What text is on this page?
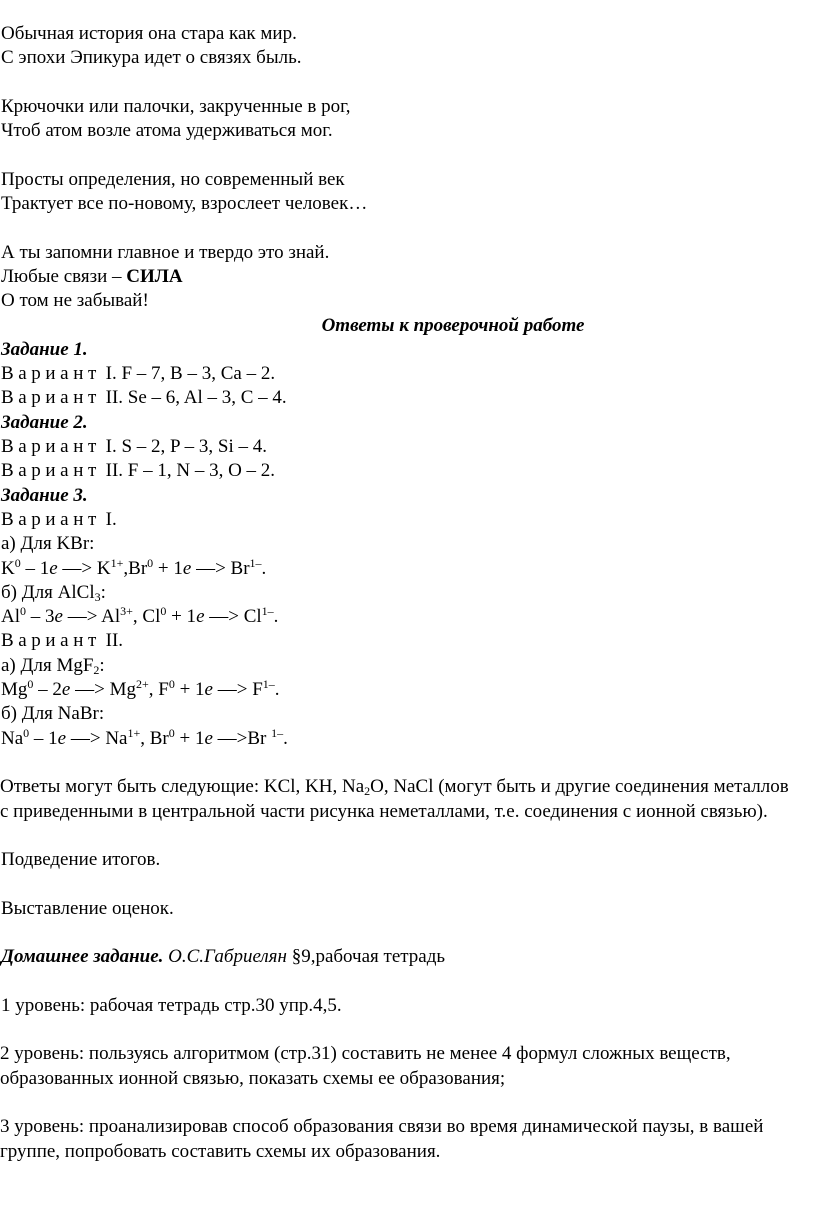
Обычная история она стара как мир.
С эпохи Эпикура идет о связях быль.
Крючочки или палочки, закрученные в рог,
Чтоб атом возле атома удерживаться мог.
Просты определения, но современный век
Трактует все по-новому, взрослеет человек…
А ты запомни главное и твердо это знай.
Любые связи – СИЛА
О том не забывай!
Ответы к проверочной работе
Задание 1.
Вариант I. F – 7, B – 3, Ca – 2.
Вариант II. Se – 6, Al – 3, C – 4.
Задание 2.
Вариант I. S – 2, P – 3, Si – 4.
Вариант II. F – 1, N – 3, O – 2.
Задание 3.
Вариант I.
а) Для KBr:
$K^0 - 1e$ —> $K^{1+},Br^0 + 1e$ —> $Br^{1-}$.
б) Для AlCl$_3$:
Al$^0$ – 3e —> $Al^{3+}$, $Cl^0 + 1e$ —> $Cl^{1-}$.
Вариант II.
а) Для MgF$_2$:
Mg$^0$ – 2e —> $Mg^{2+}$, $F^0 + 1e$ —> $F^{1-}$.
б) Для NaBr:
Na$^0$ – 1e —> $Na^{1+}$, $Br^0 + 1e$ —>Br $^{1-}$.
Ответы могут быть следующие: KCl, KH, $Na_2O$, NaCl (могут быть и другие соединения металлов с приведенными в центральной части рисунка неметаллами, т.е. соединения с ионной связью).
Подведение итогов.
Выставление оценок.
Домашнее задание. О.С.Габриелян §9,рабочая тетрадь
1 уровень: рабочая тетрадь стр.30 упр.4,5.
2 уровень: пользуясь алгоритмом (стр.31) составить не менее 4 формул сложных веществ, образованных ионной связью, показать схемы ее образования;
3 уровень: проанализировав способ образования связи во время динамической паузы, в вашей группе, попробовать составить схемы их образования.
